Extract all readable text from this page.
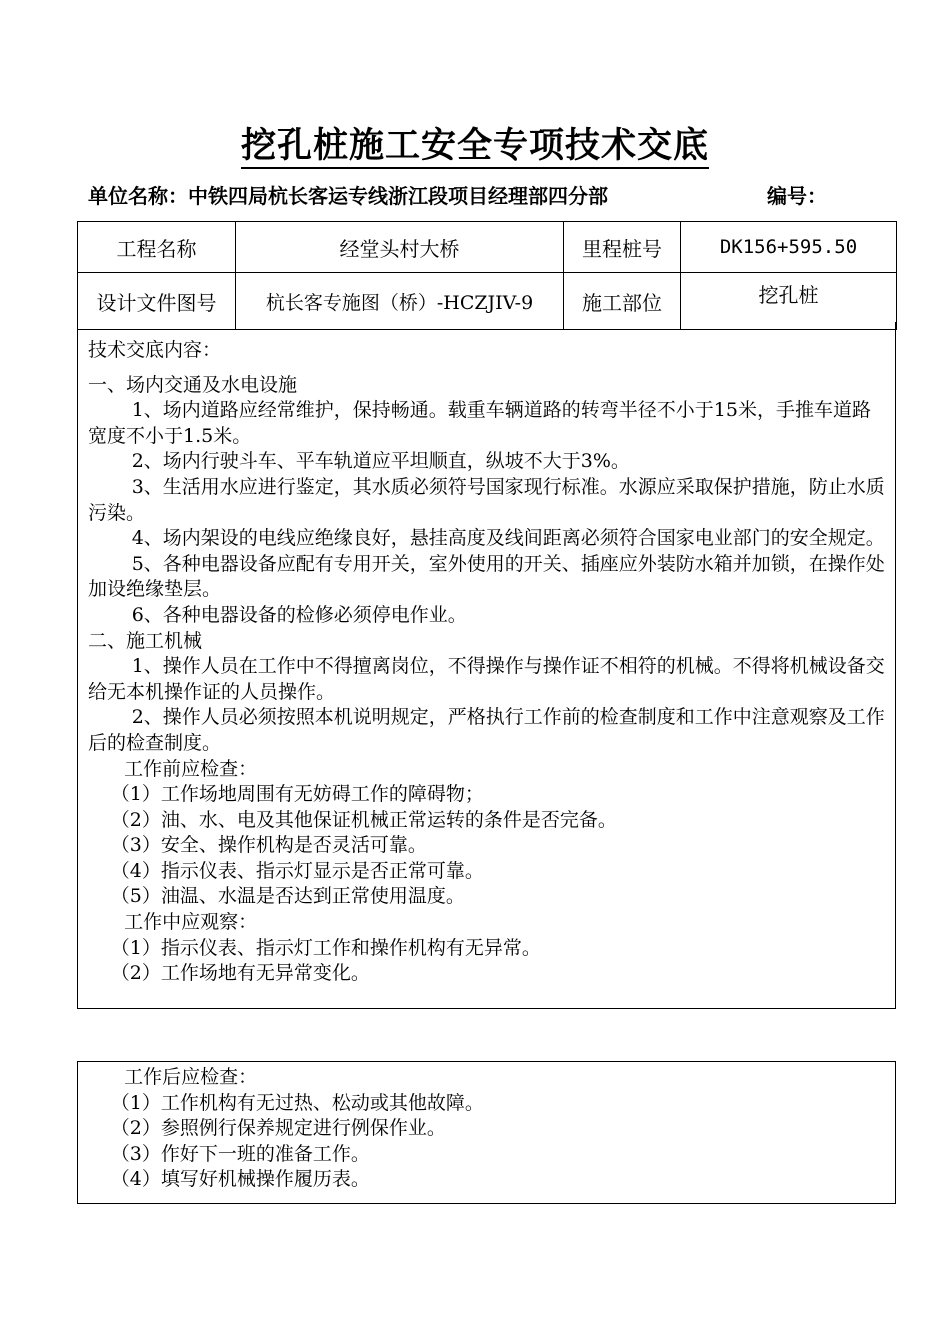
挖孔桩施工安全专项技术交底
单位名称：中铁四局杭长客运专线浙江段项目经理部四分部	编号：
工程名称	经堂头村大桥	里程桩号	DK156+595.50
设计文件图号	杭长客专施图（桥）-HCZJIV-9	施工部位	挖孔桩

技术交底内容：

一、场内交通及水电设施

1、场内道路应经常维护，保持畅通。载重车辆道路的转弯半径不小于15米，手推车道路宽度不小于1.5米。

2、场内行驶斗车、平车轨道应平坦顺直，纵坡不大于3%。

3、生活用水应进行鉴定，其水质必须符号国家现行标准。水源应采取保护措施，防止水质污染。

4、场内架设的电线应绝缘良好，悬挂高度及线间距离必须符合国家电业部门的安全规定。

5、各种电器设备应配有专用开关，室外使用的开关、插座应外装防水箱并加锁，在操作处加设绝缘垫层。

6、各种电器设备的检修必须停电作业。

二、施工机械

1、操作人员在工作中不得擅离岗位，不得操作与操作证不相符的机械。不得将机械设备交给无本机操作证的人员操作。

2、操作人员必须按照本机说明规定，严格执行工作前的检查制度和工作中注意观察及工作后的检查制度。

工作前应检查：

（1）工作场地周围有无妨碍工作的障碍物；

（2）油、水、电及其他保证机械正常运转的条件是否完备。

（3）安全、操作机构是否灵活可靠。

（4）指示仪表、指示灯显示是否正常可靠。

（5）油温、水温是否达到正常使用温度。

工作中应观察：

（1）指示仪表、指示灯工作和操作机构有无异常。

（2）工作场地有无异常变化。

工作后应检查：

（1）工作机构有无过热、松动或其他故障。

（2）参照例行保养规定进行例保作业。

（3）作好下一班的准备工作。

（4）填写好机械操作履历表。
